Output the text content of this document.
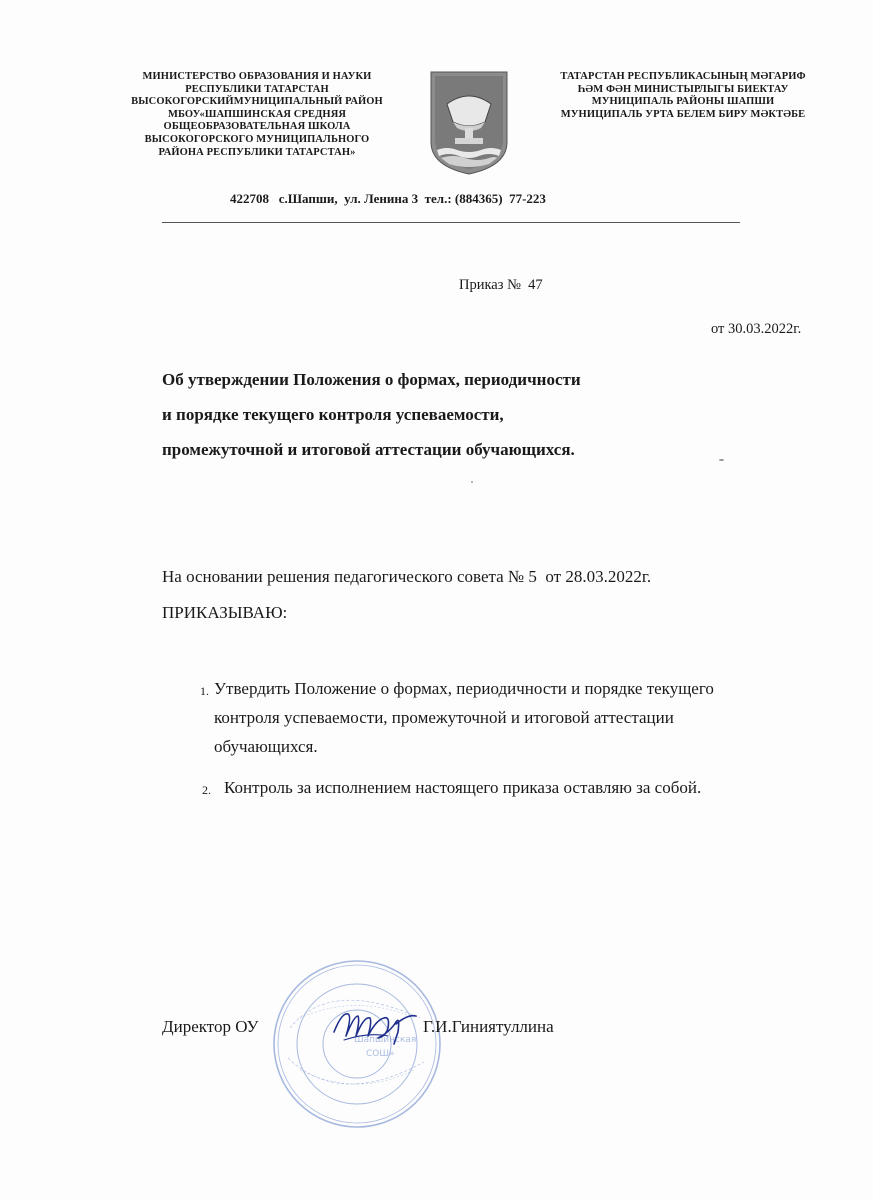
МИНИСТЕРСТВО ОБРАЗОВАНИЯ И НАУКИ
РЕСПУБЛИКИ ТАТАРСТАН
ВЫСОКОГОРСКИЙМУНИЦИПАЛЬНЫЙ РАЙОН
МБОУ«ШАПШИНСКАЯ СРЕДНЯЯ
ОБЩЕОБРАЗОВАТЕЛЬНАЯ ШКОЛА
ВЫСОКОГОРСКОГО МУНИЦИПАЛЬНОГО
РАЙОНА РЕСПУБЛИКИ ТАТАРСТАН»
ТАТАРСТАН РЕСПУБЛИКАСЫНЫҢ МӘГАРИФ
ҺӘМ ФӘН МИНИСТЫРЛЫГЫ БИЕКТАУ
МУНИЦИПАЛЬ РАЙОНЫ ШАПШИ
МУНИЦИПАЛЬ УРТА БЕЛЕМ БИРУ МӘКТӘБЕ
422708   с.Шапши,  ул. Ленина 3  тел.: (884365)  77-223
Приказ №  47
от 30.03.2022г.
Об утверждении Положения о формах, периодичности
и порядке текущего контроля успеваемости,
промежуточной и итоговой аттестации обучающихся.
На основании решения педагогического совета № 5  от 28.03.2022г.
ПРИКАЗЫВАЮ:
1. Утвердить Положение о формах, периодичности и порядке текущего
контроля успеваемости, промежуточной и итоговой аттестации
обучающихся.
2. Контроль за исполнением настоящего приказа оставляю за собой.
Директор ОУ
Шапшинская
СОШ»
Г.И.Гиниятуллина
